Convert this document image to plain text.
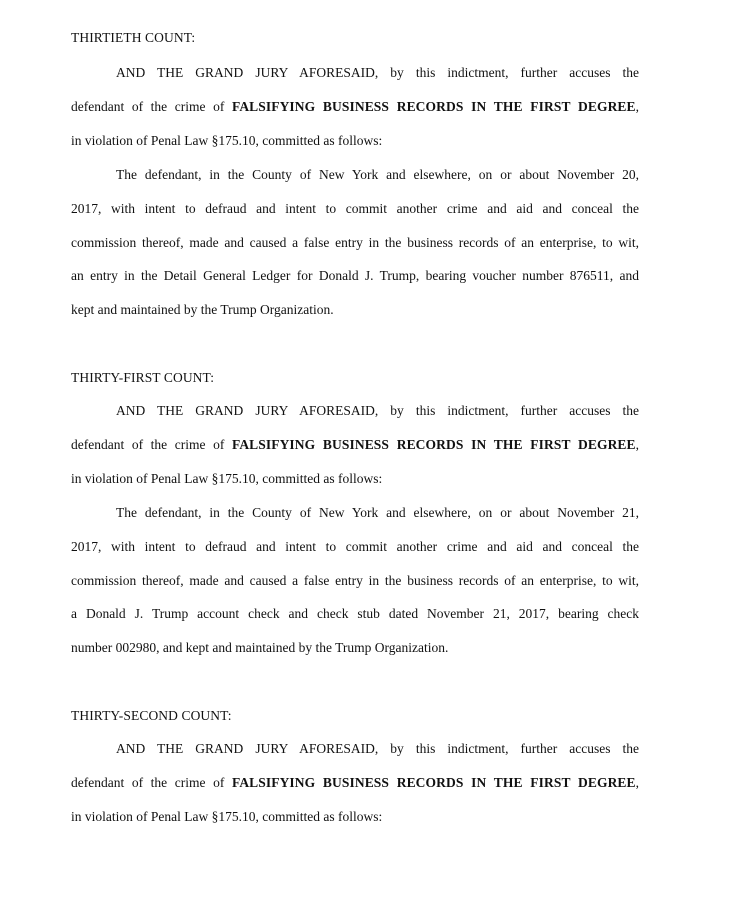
THIRTIETH COUNT:
AND THE GRAND JURY AFORESAID, by this indictment, further accuses the
defendant of the crime of FALSIFYING BUSINESS RECORDS IN THE FIRST DEGREE,
in violation of Penal Law §175.10, committed as follows:
The defendant, in the County of New York and elsewhere, on or about November 20,
2017, with intent to defraud and intent to commit another crime and aid and conceal the
commission thereof, made and caused a false entry in the business records of an enterprise, to wit,
an entry in the Detail General Ledger for Donald J. Trump, bearing voucher number 876511, and
kept and maintained by the Trump Organization.
THIRTY-FIRST COUNT:
AND THE GRAND JURY AFORESAID, by this indictment, further accuses the
defendant of the crime of FALSIFYING BUSINESS RECORDS IN THE FIRST DEGREE,
in violation of Penal Law §175.10, committed as follows:
The defendant, in the County of New York and elsewhere, on or about November 21,
2017, with intent to defraud and intent to commit another crime and aid and conceal the
commission thereof, made and caused a false entry in the business records of an enterprise, to wit,
a Donald J. Trump account check and check stub dated November 21, 2017, bearing check
number 002980, and kept and maintained by the Trump Organization.
THIRTY-SECOND COUNT:
AND THE GRAND JURY AFORESAID, by this indictment, further accuses the
defendant of the crime of FALSIFYING BUSINESS RECORDS IN THE FIRST DEGREE,
in violation of Penal Law §175.10, committed as follows:
